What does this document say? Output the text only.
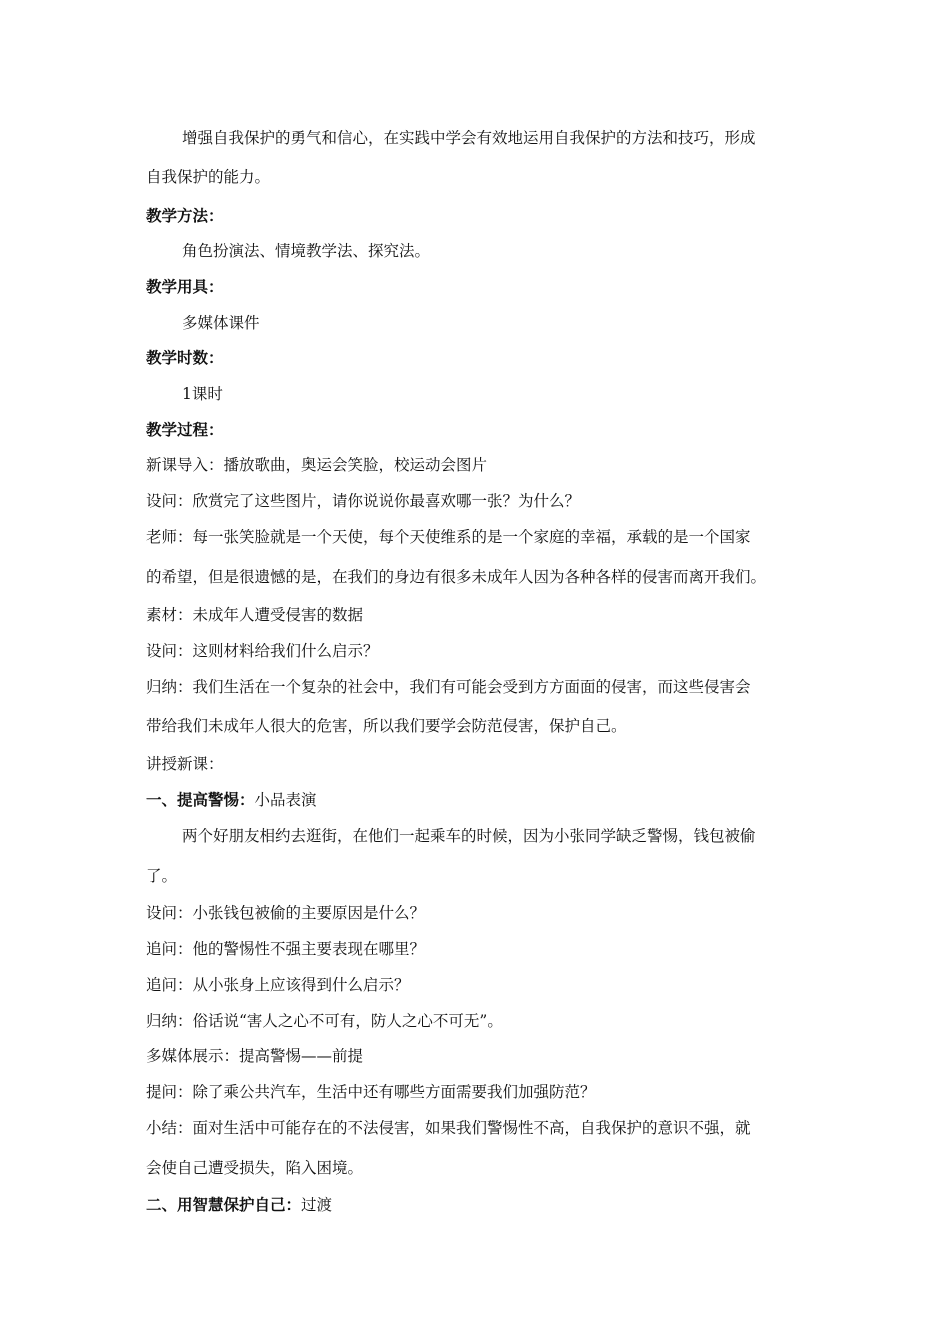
增强自我保护的勇气和信心，在实践中学会有效地运用自我保护的方法和技巧，形成
自我保护的能力。
教学方法：
角色扮演法、情境教学法、探究法。
教学用具：
多媒体课件
教学时数：
1课时
教学过程：
新课导入：播放歌曲，奥运会笑脸，校运动会图片
设问：欣赏完了这些图片，请你说说你最喜欢哪一张？为什么？
老师：每一张笑脸就是一个天使，每个天使维系的是一个家庭的幸福，承载的是一个国家
的希望，但是很遗憾的是，在我们的身边有很多未成年人因为各种各样的侵害而离开我们。
素材：未成年人遭受侵害的数据
设问：这则材料给我们什么启示？
归纳：我们生活在一个复杂的社会中，我们有可能会受到方方面面的侵害，而这些侵害会
带给我们未成年人很大的危害，所以我们要学会防范侵害，保护自己。
讲授新课：
一、提高警惕：小品表演
两个好朋友相约去逛街，在他们一起乘车的时候，因为小张同学缺乏警惕，钱包被偷
了。
设问：小张钱包被偷的主要原因是什么？
追问：他的警惕性不强主要表现在哪里？
追问：从小张身上应该得到什么启示？
归纳：俗话说“害人之心不可有，防人之心不可无”。
多媒体展示：提高警惕——前提
提问：除了乘公共汽车，生活中还有哪些方面需要我们加强防范？
小结：面对生活中可能存在的不法侵害，如果我们警惕性不高，自我保护的意识不强，就
会使自己遭受损失，陷入困境。
二、用智慧保护自己：过渡
